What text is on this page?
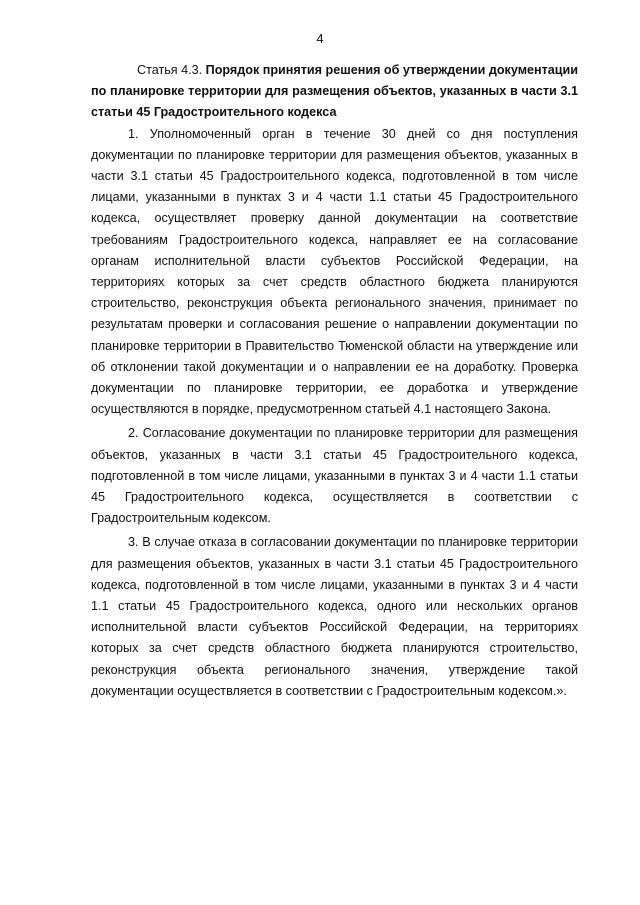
4

Статья 4.3. Порядок принятия решения об утверждении документации по планировке территории для размещения объектов, указанных в части 3.1 статьи 45 Градостроительного кодекса

1. Уполномоченный орган в течение 30 дней со дня поступления документации по планировке территории для размещения объектов, указанных в части 3.1 статьи 45 Градостроительного кодекса, подготовленной в том числе лицами, указанными в пунктах 3 и 4 части 1.1 статьи 45 Градостроительного кодекса, осуществляет проверку данной документации на соответствие требованиям Градостроительного кодекса, направляет ее на согласование органам исполнительной власти субъектов Российской Федерации, на территориях которых за счет средств областного бюджета планируются строительство, реконструкция объекта регионального значения, принимает по результатам проверки и согласования решение о направлении документации по планировке территории в Правительство Тюменской области на утверждение или об отклонении такой документации и о направлении ее на доработку. Проверка документации по планировке территории, ее доработка и утверждение осуществляются в порядке, предусмотренном статьей 4.1 настоящего Закона.

2. Согласование документации по планировке территории для размещения объектов, указанных в части 3.1 статьи 45 Градостроительного кодекса, подготовленной в том числе лицами, указанными в пунктах 3 и 4 части 1.1 статьи 45 Градостроительного кодекса, осуществляется в соответствии с Градостроительным кодексом.

3. В случае отказа в согласовании документации по планировке территории для размещения объектов, указанных в части 3.1 статьи 45 Градостроительного кодекса, подготовленной в том числе лицами, указанными в пунктах 3 и 4 части 1.1 статьи 45 Градостроительного кодекса, одного или нескольких органов исполнительной власти субъектов Российской Федерации, на территориях которых за счет средств областного бюджета планируются строительство, реконструкция объекта регионального значения, утверждение такой документации осуществляется в соответствии с Градостроительным кодексом.».
